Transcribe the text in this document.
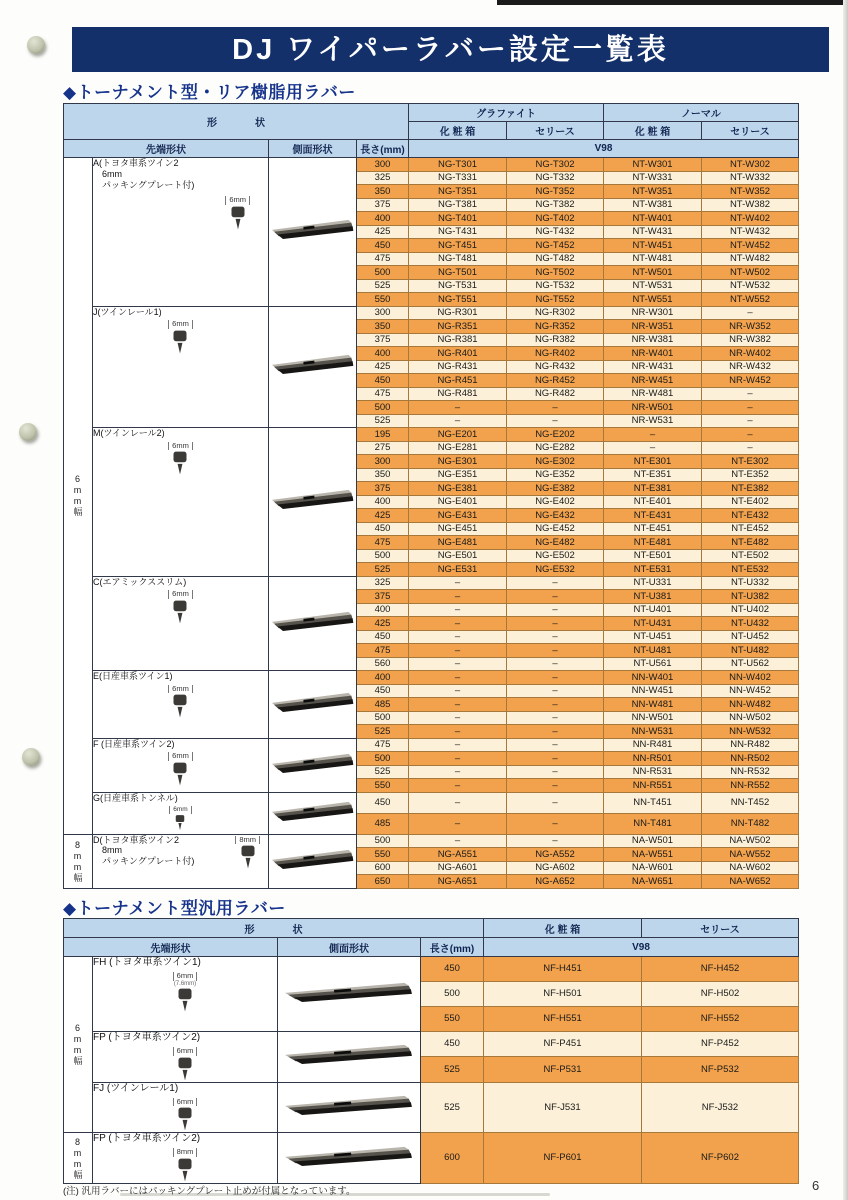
DJ ワイパーラバー設定一覧表
◆トーナメント型・リア樹脂用ラバー
形　状				グラファイト		ノーマル	
				化 粧 箱	セリース	化 粧 箱	セリース
先端形状		側面形状	長さ(mm)	V98			
6mm幅	A(トヨタ車系ツイン2
　6mm
　パッキングプレート付)
6mm		300	NG-T301	NG-T302	NT-W301	NT-W302
			325	NG-T331	NG-T332	NT-W331	NT-W332
			350	NG-T351	NG-T352	NT-W351	NT-W352
			375	NG-T381	NG-T382	NT-W381	NT-W382
			400	NG-T401	NG-T402	NT-W401	NT-W402
			425	NG-T431	NG-T432	NT-W431	NT-W432
			450	NG-T451	NG-T452	NT-W451	NT-W452
			475	NG-T481	NG-T482	NT-W481	NT-W482
			500	NG-T501	NG-T502	NT-W501	NT-W502
			525	NG-T531	NG-T532	NT-W531	NT-W532
			550	NG-T551	NG-T552	NT-W551	NT-W552

	J(ツインレール1)
6mm		300	NG-R301	NG-R302	NR-W301	–
			350	NG-R351	NG-R352	NR-W351	NR-W352
			375	NG-R381	NG-R382	NR-W381	NR-W382
			400	NG-R401	NG-R402	NR-W401	NR-W402
			425	NG-R431	NG-R432	NR-W431	NR-W432
			450	NG-R451	NG-R452	NR-W451	NR-W452
			475	NG-R481	NG-R482	NR-W481	–
			500	–	–	NR-W501	–
			525	–	–	NR-W531	–

	M(ツインレール2)
6mm		195	NG-E201	NG-E202	–	–
			275	NG-E281	NG-E282	–	–
			300	NG-E301	NG-E302	NT-E301	NT-E302
			350	NG-E351	NG-E352	NT-E351	NT-E352
			375	NG-E381	NG-E382	NT-E381	NT-E382
			400	NG-E401	NG-E402	NT-E401	NT-E402
			425	NG-E431	NG-E432	NT-E431	NT-E432
			450	NG-E451	NG-E452	NT-E451	NT-E452
			475	NG-E481	NG-E482	NT-E481	NT-E482
			500	NG-E501	NG-E502	NT-E501	NT-E502
			525	NG-E531	NG-E532	NT-E531	NT-E532

	C(エアミックススリム)
6mm		325	–	–	NT-U331	NT-U332
			375	–	–	NT-U381	NT-U382
			400	–	–	NT-U401	NT-U402
			425	–	–	NT-U431	NT-U432
			450	–	–	NT-U451	NT-U452
			475	–	–	NT-U481	NT-U482
			560	–	–	NT-U561	NT-U562

	E(日産車系ツイン1)
6mm		400	–	–	NN-W401	NN-W402
			450	–	–	NN-W451	NN-W452
			485	–	–	NN-W481	NN-W482
			500	–	–	NN-W501	NN-W502
			525	–	–	NN-W531	NN-W532

	F (日産車系ツイン2)
6mm		475	–	–	NN-R481	NN-R482
			500	–	–	NN-R501	NN-R502
			525	–	–	NN-R531	NN-R532
			550	–	–	NN-R551	NN-R552

	G(日産車系トンネル)
6mm		450	–	–	NN-T451	NN-T452
			485	–	–	NN-T481	NN-T482
8mm幅	D(トヨタ車系ツイン2
　8mm
　パッキングプレート付)
8mm		500	–	–	NA-W501	NA-W502
			550	NG-A551	NG-A552	NA-W551	NA-W552
			600	NG-A601	NG-A602	NA-W601	NA-W602
			650	NG-A651	NG-A652	NA-W651	NA-W652
◆トーナメント型汎用ラバー
形　状				化 粧 箱	セリース
先端形状		側面形状	長さ(mm)	V98	
6mm幅	FH (トヨタ車系ツイン1)
6mm
(7.6mm)		450	NF-H451	NF-H452
			500	NF-H501	NF-H502
			550	NF-H551	NF-H552

	FP (トヨタ車系ツイン2)
6mm		450	NF-P451	NF-P452
			525	NF-P531	NF-P532

	FJ (ツインレール1)
6mm		525	NF-J531	NF-J532
8mm幅	FP (トヨタ車系ツイン2)
8mm		600	NF-P601	NF-P602
(注) 汎用ラバーにはパッキングプレート止めが付属となっています。	6
